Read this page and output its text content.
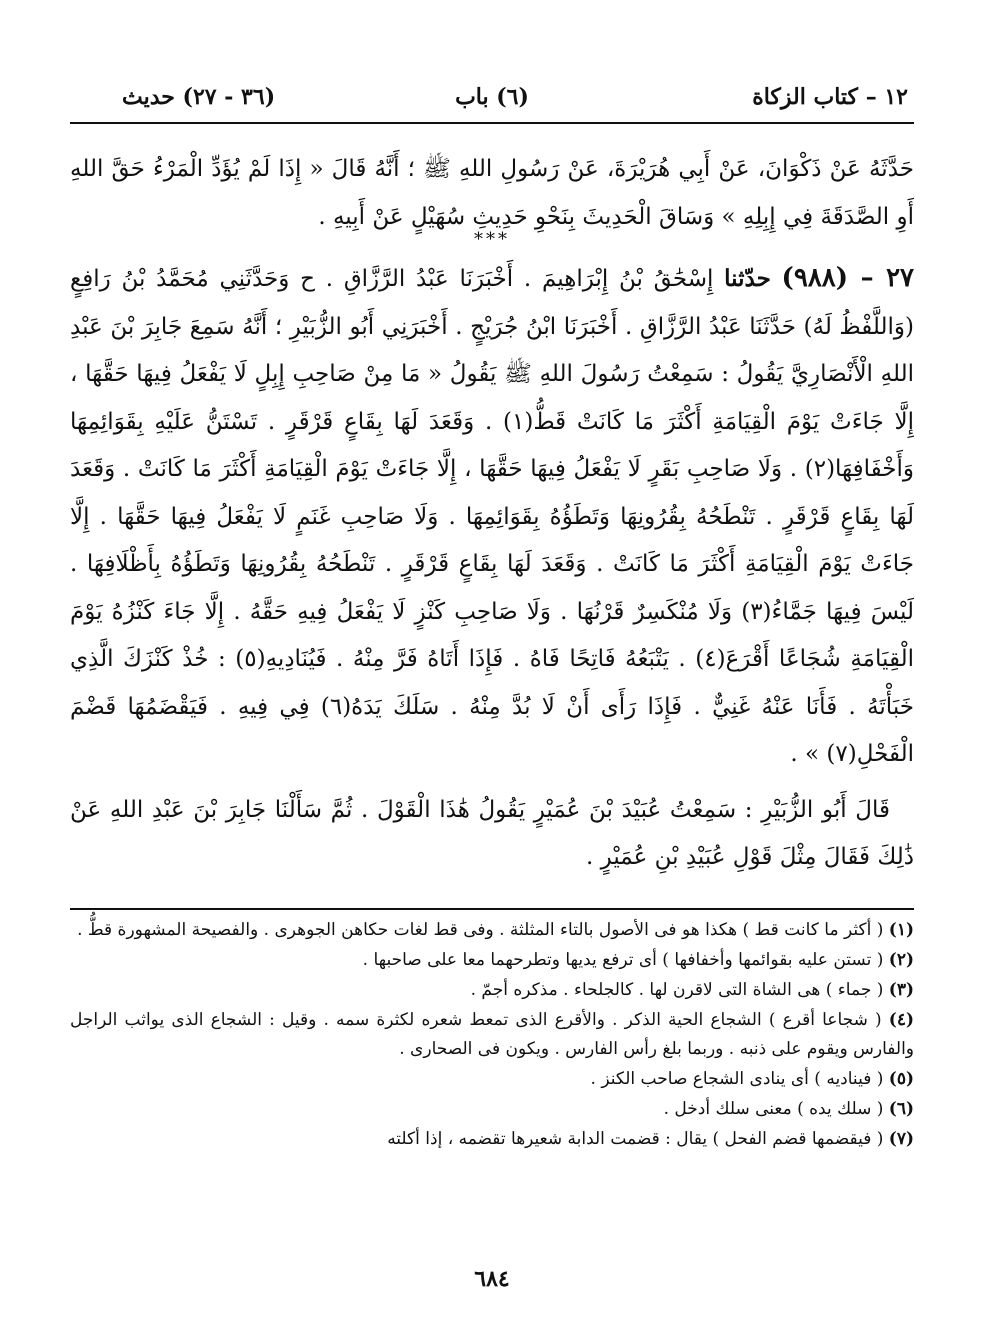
١٢ – كتاب الزكاة
(٦) باب
(٣٦ - ٢٧) حديث

حَدَّثَهُ عَنْ ذَكْوَانَ، عَنْ أَبِي هُرَيْرَةَ، عَنْ رَسُولِ اللهِ ﷺ ؛ أَنَّهُ قَالَ « إِذَا لَمْ يُؤَدِّ الْمَرْءُ حَقَّ اللهِ أَوِ الصَّدَقَةَ فِي إِبِلِهِ » وَسَاقَ الْحَدِيثَ بِنَحْوِ حَدِيثِ سُهَيْلٍ عَنْ أَبِيهِ .

***

٢٧ – (٩٨٨) حدّثنا إِسْحَٰقُ بْنُ إِبْرَاهِيمَ . أَخْبَرَنَا عَبْدُ الرَّزَّاقِ . ح وَحَدَّثَنِي مُحَمَّدُ بْنُ رَافِعٍ (وَاللَّفْظُ لَهُ) حَدَّثَنَا عَبْدُ الرَّزَّاقِ . أَخْبَرَنَا ابْنُ جُرَيْجٍ . أَخْبَرَنِي أَبُو الزُّبَيْرِ ؛ أَنَّهُ سَمِعَ جَابِرَ بْنَ عَبْدِ اللهِ الْأَنْصَارِيَّ يَقُولُ : سَمِعْتُ رَسُولَ اللهِ ﷺ يَقُولُ « مَا مِنْ صَاحِبِ إِبِلٍ لَا يَفْعَلُ فِيهَا حَقَّهَا ، إِلَّا جَاءَتْ يَوْمَ الْقِيَامَةِ أَكْثَرَ مَا كَانَتْ قَطُّ(١) . وَقَعَدَ لَهَا بِقَاعٍ قَرْقَرٍ . تَسْتَنُّ عَلَيْهِ بِقَوَائِمِهَا وَأَخْفَافِهَا(٢) . وَلَا صَاحِبِ بَقَرٍ لَا يَفْعَلُ فِيهَا حَقَّهَا ، إِلَّا جَاءَتْ يَوْمَ الْقِيَامَةِ أَكْثَرَ مَا كَانَتْ . وَقَعَدَ لَهَا بِقَاعٍ قَرْقَرٍ . تَنْطَحُهُ بِقُرُونِهَا وَتَطَؤُهُ بِقَوَائِمِهَا . وَلَا صَاحِبِ غَنَمٍ لَا يَفْعَلُ فِيهَا حَقَّهَا . إِلَّا جَاءَتْ يَوْمَ الْقِيَامَةِ أَكْثَرَ مَا كَانَتْ . وَقَعَدَ لَهَا بِقَاعٍ قَرْقَرٍ . تَنْطَحُهُ بِقُرُونِهَا وَتَطَؤُهُ بِأَظْلَافِهَا . لَيْسَ فِيهَا جَمَّاءُ(٣) وَلَا مُنْكَسِرٌ قَرْنُهَا . وَلَا صَاحِبِ كَنْزٍ لَا يَفْعَلُ فِيهِ حَقَّهُ . إِلَّا جَاءَ كَنْزُهُ يَوْمَ الْقِيَامَةِ شُجَاعًا أَقْرَعَ(٤) . يَتْبَعُهُ فَاتِحًا فَاهُ . فَإِذَا أَتَاهُ فَرَّ مِنْهُ . فَيُنَادِيهِ(٥) : خُذْ كَنْزَكَ الَّذِي خَبَأْتَهُ . فَأَنَا عَنْهُ غَنِيٌّ . فَإِذَا رَأَى أَنْ لَا بُدَّ مِنْهُ . سَلَكَ يَدَهُ(٦) فِي فِيهِ . فَيَقْضَمُهَا قَضْمَ الْفَحْلِ(٧) » .

قَالَ أَبُو الزُّبَيْرِ : سَمِعْتُ عُبَيْدَ بْنَ عُمَيْرٍ يَقُولُ هَٰذَا الْقَوْلَ . ثُمَّ سَأَلْنَا جَابِرَ بْنَ عَبْدِ اللهِ عَنْ ذَٰلِكَ فَقَالَ مِثْلَ قَوْلِ عُبَيْدِ بْنِ عُمَيْرٍ .

(١) ( أكثر ما كانت قط ) هكذا هو فى الأصول بالتاء المثلثة . وفى قط لغات حكاهن الجوهرى . والفصيحة المشهورة قطُّ .
(٢) ( تستن عليه بقوائمها وأخفافها ) أى ترفع يديها وتطرحهما معا على صاحبها .
(٣) ( جماء ) هى الشاة التى لاقرن لها . كالجلحاء . مذكره أجمّ .
(٤) ( شجاعا أقرع ) الشجاع الحية الذكر . والأقرع الذى تمعط شعره لكثرة سمه . وقيل : الشجاع الذى يواثب الراجل والفارس ويقوم على ذنبه . وربما بلغ رأس الفارس . ويكون فى الصحارى .
(٥) ( فيناديه ) أى ينادى الشجاع صاحب الكنز .
(٦) ( سلك يده ) معنى سلك أدخل .
(٧) ( فيقضمها قضم الفحل ) يقال : قضمت الدابة شعيرها تقضمه ، إذا أكلته
٦٨٤
